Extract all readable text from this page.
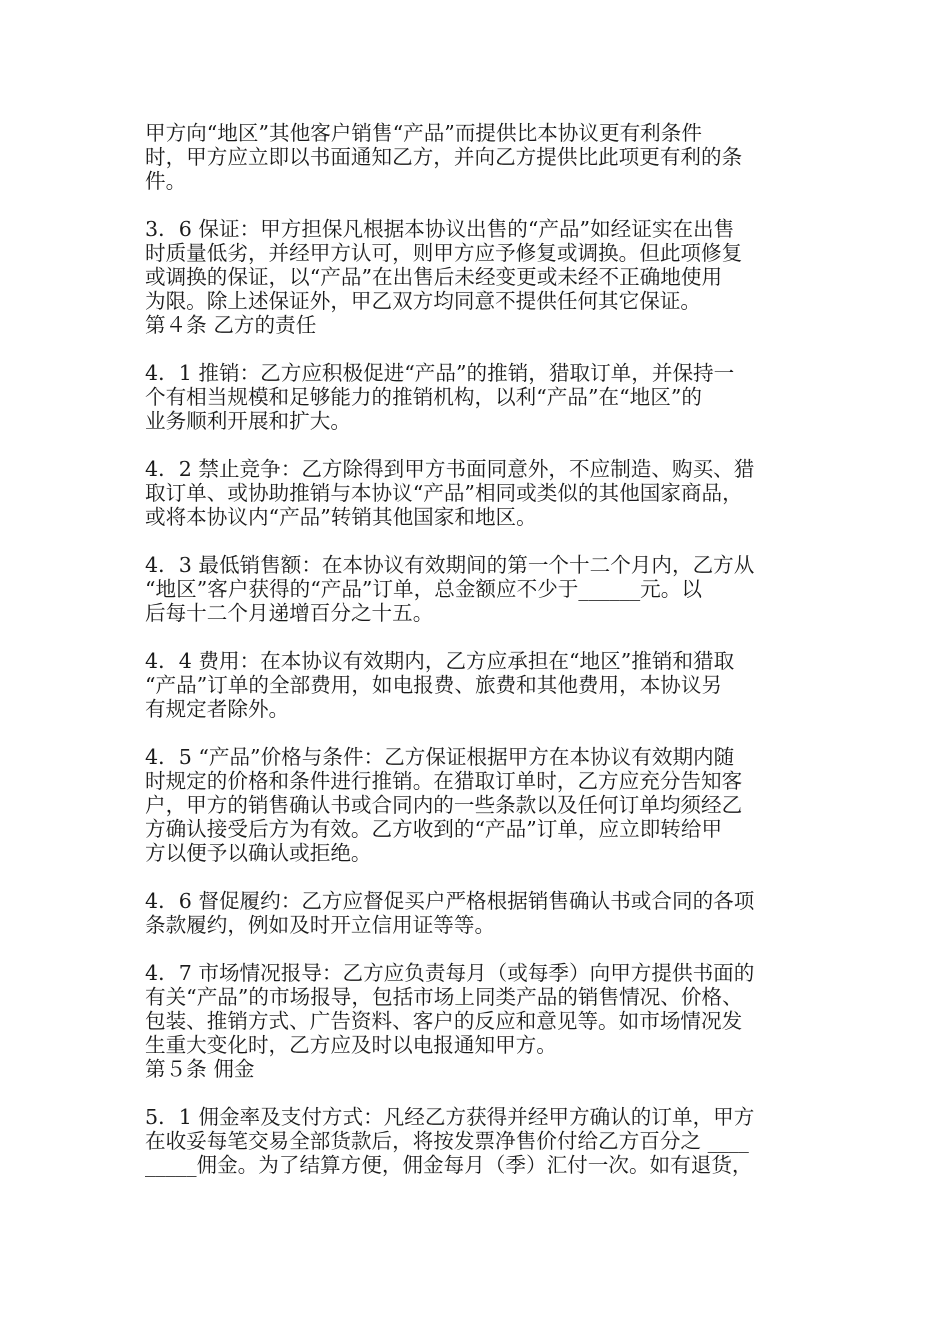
甲方向“地区”其他客户销售“产品”而提供比本协议更有利条件
时，甲方应立即以书面通知乙方，并向乙方提供比此项更有利的条
件。

3．6 保证：甲方担保凡根据本协议出售的“产品”如经证实在出售
时质量低劣，并经甲方认可，则甲方应予修复或调换。但此项修复
或调换的保证，以“产品”在出售后未经变更或未经不正确地使用
为限。除上述保证外，甲乙双方均同意不提供任何其它保证。

第４条 乙方的责任

4．1 推销：乙方应积极促进“产品”的推销，猎取订单，并保持一
个有相当规模和足够能力的推销机构，以利“产品”在“地区”的
业务顺利开展和扩大。

4．2 禁止竞争：乙方除得到甲方书面同意外，不应制造、购买、猎
取订单、或协助推销与本协议“产品”相同或类似的其他国家商品，
或将本协议内“产品”转销其他国家和地区。

4．3 最低销售额：在本协议有效期间的第一个十二个月内，乙方从
“地区”客户获得的“产品”订单，总金额应不少于______元。以
后每十二个月递增百分之十五。

4．4 费用：在本协议有效期内，乙方应承担在“地区”推销和猎取
“产品”订单的全部费用，如电报费、旅费和其他费用，本协议另
有规定者除外。

4．5 “产品”价格与条件：乙方保证根据甲方在本协议有效期内随
时规定的价格和条件进行推销。在猎取订单时，乙方应充分告知客
户，甲方的销售确认书或合同内的一些条款以及任何订单均须经乙
方确认接受后方为有效。乙方收到的“产品”订单，应立即转给甲
方以便予以确认或拒绝。

4．6 督促履约：乙方应督促买户严格根据销售确认书或合同的各项
条款履约，例如及时开立信用证等等。

4．7 市场情况报导：乙方应负责每月（或每季）向甲方提供书面的
有关“产品”的市场报导，包括市场上同类产品的销售情况、价格、
包装、推销方式、广告资料、客户的反应和意见等。如市场情况发
生重大变化时，乙方应及时以电报通知甲方。

第５条 佣金

5．1 佣金率及支付方式：凡经乙方获得并经甲方确认的订单，甲方
在收妥每笔交易全部货款后，将按发票净售价付给乙方百分之 ____
_____佣金。为了结算方便，佣金每月（季）汇付一次。如有退货，
